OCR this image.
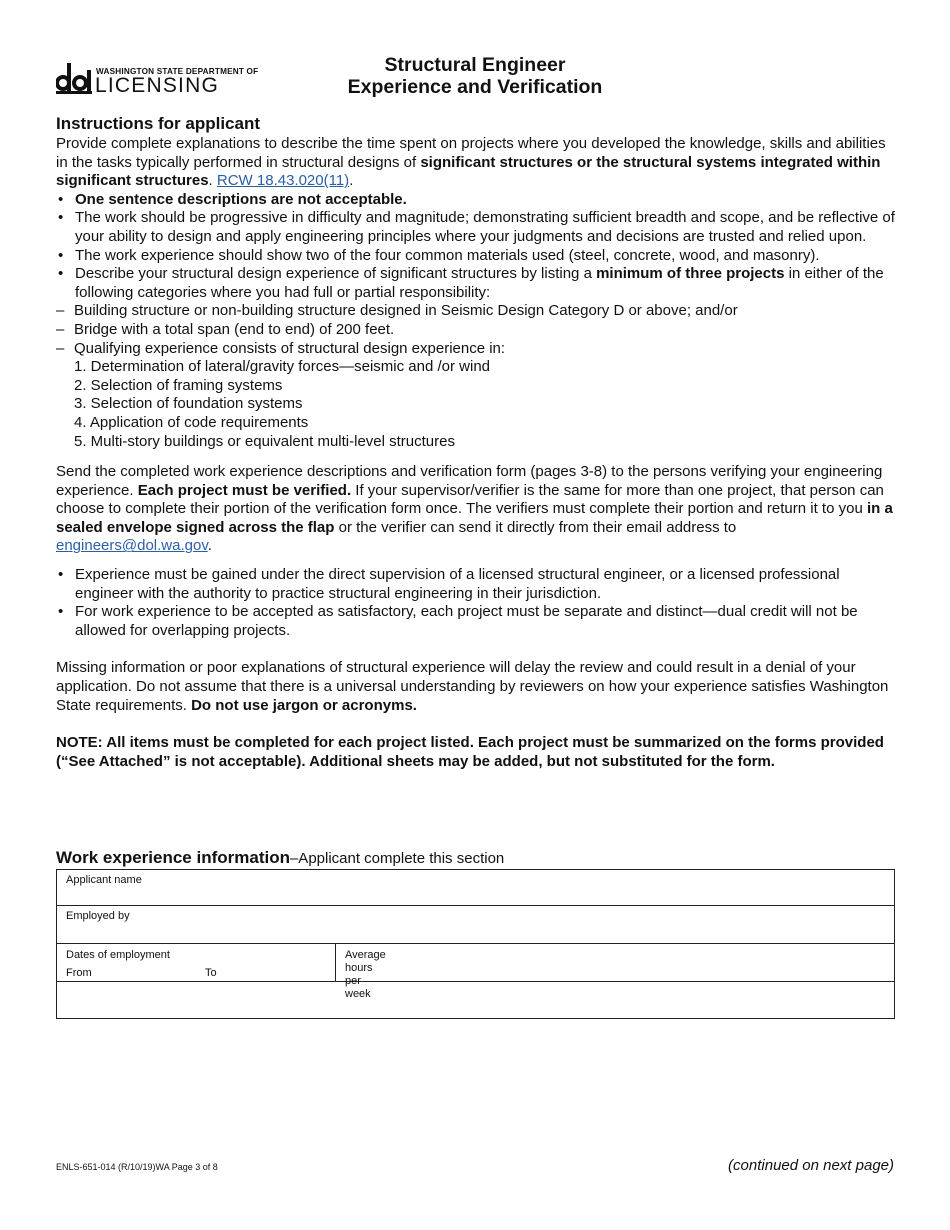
WASHINGTON STATE DEPARTMENT OF
LICENSING
Structural Engineer
Experience and Verification
Instructions for applicant

Provide complete explanations to describe the time spent on projects where you developed the knowledge, skills and abilities in the tasks typically performed in structural designs of significant structures or the structural systems integrated within significant structures. RCW 18.43.020(11).

• One sentence descriptions are not acceptable.
• The work should be progressive in difficulty and magnitude; demonstrating sufficient breadth and scope, and be reflective of your ability to design and apply engineering principles where your judgments and decisions are trusted and relied upon.
• The work experience should show two of the four common materials used (steel, concrete, wood, and masonry).
• Describe your structural design experience of significant structures by listing a minimum of three projects in either of the following categories where you had full or partial responsibility:
– Building structure or non-building structure designed in Seismic Design Category D or above; and/or
– Bridge with a total span (end to end) of 200 feet.
– Qualifying experience consists of structural design experience in:
1. Determination of lateral/gravity forces—seismic and /or wind
2. Selection of framing systems
3. Selection of foundation systems
4. Application of code requirements
5. Multi-story buildings or equivalent multi-level structures

Send the completed work experience descriptions and verification form (pages 3-8) to the persons verifying your engineering experience. Each project must be verified. If your supervisor/verifier is the same for more than one project, that person can choose to complete their portion of the verification form once. The verifiers must complete their portion and return it to you in a sealed envelope signed across the flap or the verifier can send it directly from their email address to engineers@dol.wa.gov.

• Experience must be gained under the direct supervision of a licensed structural engineer, or a licensed professional engineer with the authority to practice structural engineering in their jurisdiction.
• For work experience to be accepted as satisfactory, each project must be separate and distinct—dual credit will not be allowed for overlapping projects.

Missing information or poor explanations of structural experience will delay the review and could result in a denial of your application. Do not assume that there is a universal understanding by reviewers on how your experience satisfies Washington State requirements. Do not use jargon or acronyms.

NOTE: All items must be completed for each project listed. Each project must be summarized on the forms provided (“See Attached” is not acceptable). Additional sheets may be added, but not substituted for the form.

Work experience information–Applicant complete this section
Applicant name
Employed by
Dates of employment
From	To
Average hours per week
ENLS-651-014 (R/10/19)WA Page 3 of 8	(continued on next page)
